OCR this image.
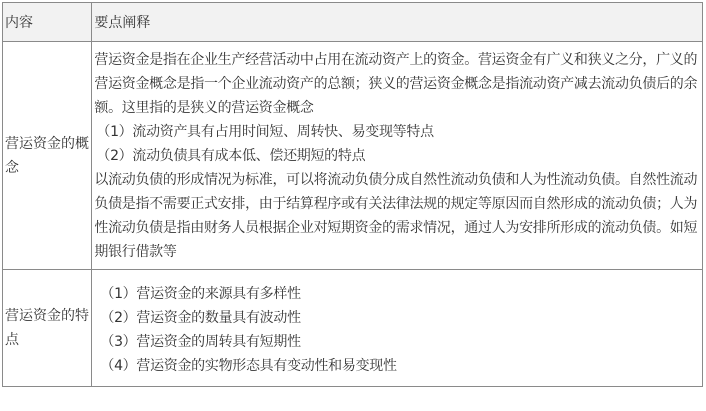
内容	要点阐释
营运资金的概念	营运资金是指在企业生产经营活动中占用在流动资产上的资金。营运资金有广义和狭义之分，广义的营运资金概念是指一个企业流动资产的总额；狭义的营运资金概念是指流动资产减去流动负债后的余额。这里指的是狭义的营运资金概念

（1）流动资产具有占用时间短、周转快、易变现等特点

（2）流动负债具有成本低、偿还期短的特点

以流动负债的形成情况为标准，可以将流动负债分成自然性流动负债和人为性流动负债。自然性流动负债是指不需要正式安排，由于结算程序或有关法律法规的规定等原因而自然形成的流动负债；人为性流动负债是指由财务人员根据企业对短期资金的需求情况，通过人为安排所形成的流动负债。如短期银行借款等

营运资金的特点	（1）营运资金的来源具有多样性

（2）营运资金的数量具有波动性

（3）营运资金的周转具有短期性

（4）营运资金的实物形态具有变动性和易变现性
